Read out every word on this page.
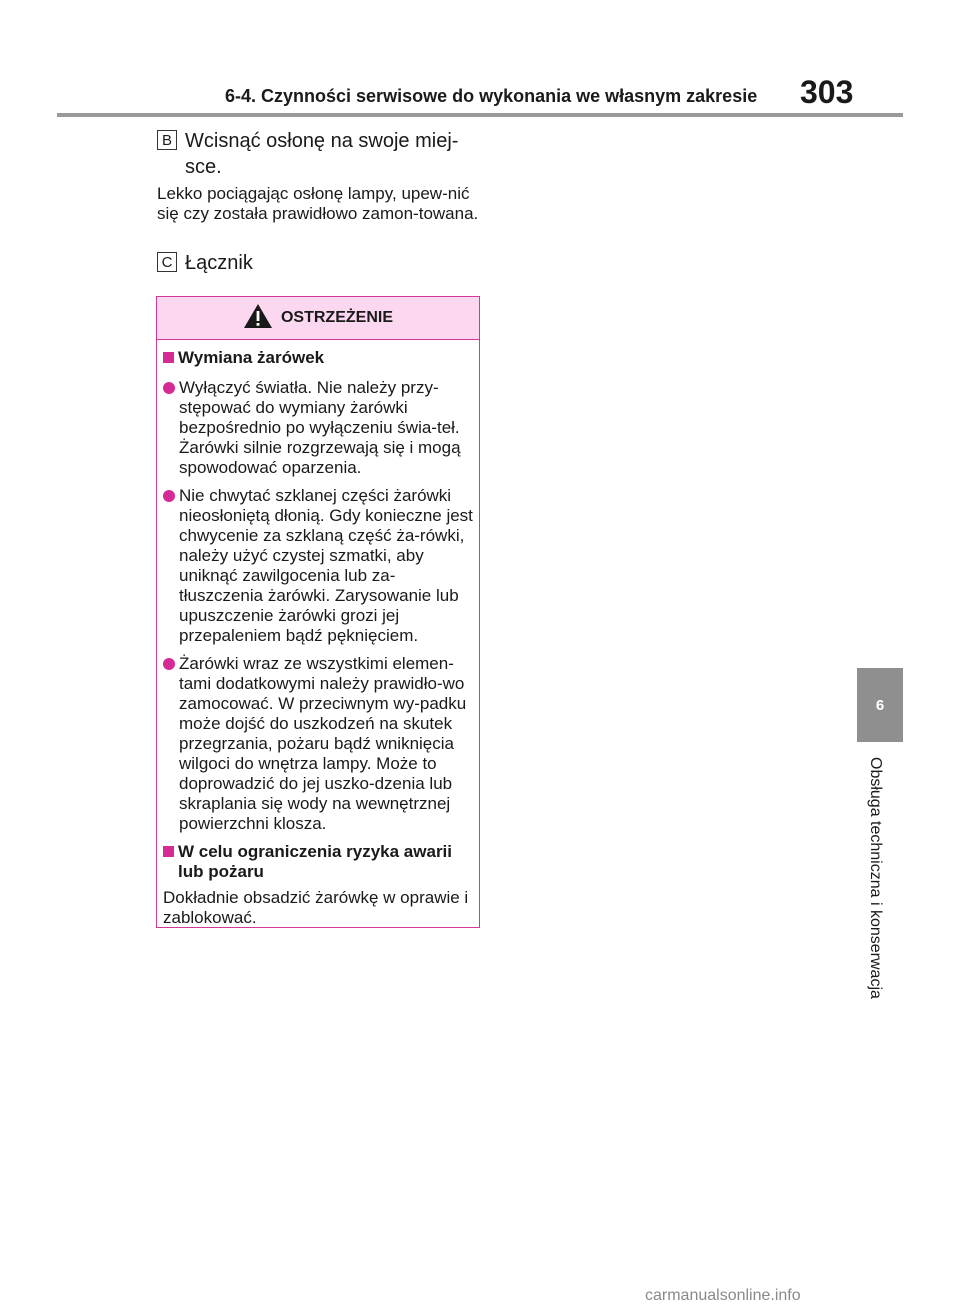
6-4. Czynności serwisowe do wykonania we własnym zakresie 303
B Wcisnąć osłonę na swoje miej-sce.
Lekko pociągając osłonę lampy, upew-nić się czy została prawidłowo zamon-towana.
C Łącznik
OSTRZEŻENIE
Wymiana żarówek
Wyłączyć światła. Nie należy przy-stępować do wymiany żarówki bezpośrednio po wyłączeniu świa-teł. Żarówki silnie rozgrzewają się i mogą spowodować oparzenia.
Nie chwytać szklanej części żarówki nieosłoniętą dłonią. Gdy konieczne jest chwycenie za szklaną część ża-rówki, należy użyć czystej szmatki, aby uniknąć zawilgocenia lub za-tłuszczenia żarówki. Zarysowanie lub upuszczenie żarówki grozi jej przepaleniem bądź pęknięciem.
Żarówki wraz ze wszystkimi elemen-tami dodatkowymi należy prawidło-wo zamocować. W przeciwnym wy-padku może dojść do uszkodzeń na skutek przegrzania, pożaru bądź wniknięcia wilgoci do wnętrza lampy. Może to doprowadzić do jej uszko-dzenia lub skraplania się wody na wewnętrznej powierzchni klosza.
W celu ograniczenia ryzyka awarii lub pożaru
Dokładnie obsadzić żarówkę w oprawie i zablokować.
6
Obsługa techniczna i konserwacja
carmanualsonline.info
